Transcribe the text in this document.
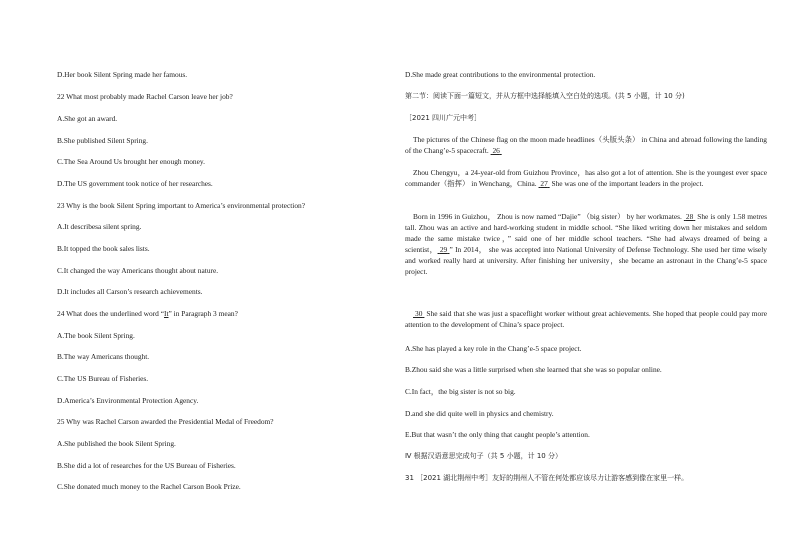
D.Her book Silent Spring made her famous.
22 What most probably made Rachel Carson leave her job?
A.She got an award.
B.She published Silent Spring.
C.The Sea Around Us brought her enough money.
D.The US government took notice of her researches.
23 Why is the book Silent Spring important to America’s environmental protection?
A.It describesa silent spring.
B.It topped the book sales lists.
C.It changed the way Americans thought about nature.
D.It includes all Carson’s research achievements.
24 What does the underlined word “It” in Paragraph 3 mean?
A.The book Silent Spring.
B.The way Americans thought.
C.The US Bureau of Fisheries.
D.America’s Environmental Protection Agency.
25 Why was Rachel Carson awarded the Presidential Medal of Freedom?
A.She published the book Silent Spring.
B.She did a lot of researches for the US Bureau of Fisheries.
C.She donated much money to the Rachel Carson Book Prize.
D.She made great contributions to the environmental protection.
第二节：阅读下面一篇短文，并从方框中选择能填入空白处的选项。(共 5 小题，计 10 分)
［2021 四川广元中考］

The pictures of the Chinese flag on the moon made headlines（头版头条） in China and abroad following the landing of the Chang’e-5 spacecraft.  26

Zhou Chengyu，a 24-year-old from Guizhou Province，has also got a lot of attention. She is the youngest ever space commander（指挥） in Wenchang，China.  27  She was one of the important leaders in the project.

Born in 1996 in Guizhou， Zhou is now named “Dajie” （big sister） by her workmates.  28  She is only 1.58 metres tall. Zhou was an active and hard-working student in middle school. “She liked writing down her mistakes and seldom made the same mistake twice，” said one of her middle school teachers. “She had always dreamed of being a scientist， 29 ” In 2014， she was accepted into National University of Defense Technology. She used her time wisely and worked really hard at university. After finishing her university，she became an astronaut in the Chang’e-5 space project.

30  She said that she was just a spaceflight worker without great achievements. She hoped that people could pay more attention to the development of China’s space project.

A.She has played a key role in the Chang’e-5 space project.
B.Zhou said she was a little surprised when she learned that she was so popular online.
C.In fact，the big sister is not so big.
D.and she did quite well in physics and chemistry.
E.But that wasn’t the only thing that caught people’s attention.
Ⅳ 根据汉语意思完成句子（共 5 小题，计 10 分）
31 ［2021 湖北荆州中考］友好的荆州人不管在何处都应该尽力让游客感到像在家里一样。
